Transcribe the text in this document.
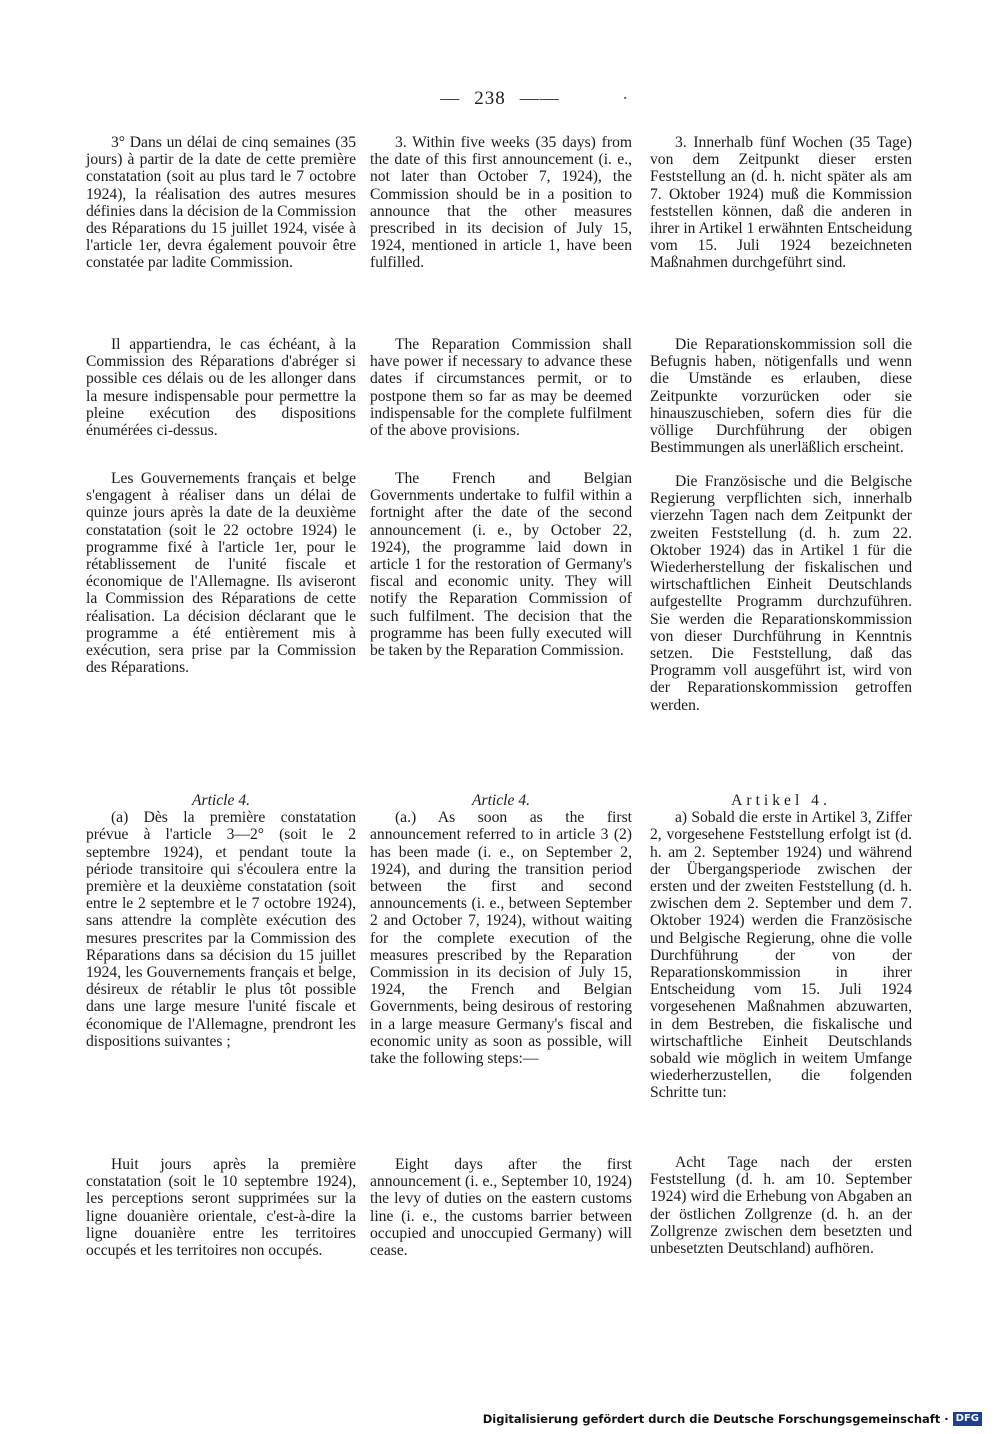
— 238 ——	·

3° Dans un délai de cinq semaines (35 jours) à partir de la date de cette première constatation (soit au plus tard le 7 octobre 1924), la réalisation des autres mesures définies dans la décision de la Commission des Réparations du 15 juillet 1924, visée à l'article 1er, devra également pouvoir être constatée par ladite Commission.

Il appartiendra, le cas échéant, à la Commission des Réparations d'abréger si possible ces délais ou de les allonger dans la mesure indispensable pour permettre la pleine exécution des dispositions énumérées ci-dessus.

Les Gouvernements français et belge s'engagent à réaliser dans un délai de quinze jours après la date de la deuxième constatation (soit le 22 octobre 1924) le programme fixé à l'article 1er, pour le rétablissement de l'unité fiscale et économique de l'Allemagne. Ils aviseront la Commission des Réparations de cette réalisation. La décision déclarant que le programme a été entièrement mis à exécution, sera prise par la Commission des Réparations.

3. Within five weeks (35 days) from the date of this first announcement (i. e., not later than October 7, 1924), the Commission should be in a position to announce that the other measures prescribed in its decision of July 15, 1924, mentioned in article 1, have been fulfilled.

The Reparation Commission shall have power if necessary to advance these dates if circumstances permit, or to postpone them so far as may be deemed indispensable for the complete fulfilment of the above provisions.

The French and Belgian Governments undertake to fulfil within a fortnight after the date of the second announcement (i. e., by October 22, 1924), the programme laid down in article 1 for the restoration of Germany's fiscal and economic unity. They will notify the Reparation Commission of such fulfilment. The decision that the programme has been fully executed will be taken by the Reparation Commission.

3. Innerhalb fünf Wochen (35 Tage) von dem Zeitpunkt dieser ersten Feststellung an (d. h. nicht später als am 7. Oktober 1924) muß die Kommission feststellen können, daß die anderen in ihrer in Artikel 1 erwähnten Entscheidung vom 15. Juli 1924 bezeichneten Maßnahmen durchgeführt sind.

Die Reparationskommission soll die Befugnis haben, nötigenfalls und wenn die Umstände es erlauben, diese Zeitpunkte vorzurücken oder sie hinauszuschieben, sofern dies für die völlige Durchführung der obigen Bestimmungen als unerläßlich erscheint.

Die Französische und die Belgische Regierung verpflichten sich, innerhalb vierzehn Tagen nach dem Zeitpunkt der zweiten Feststellung (d. h. zum 22. Oktober 1924) das in Artikel 1 für die Wiederherstellung der fiskalischen und wirtschaftlichen Einheit Deutschlands aufgestellte Programm durchzuführen. Sie werden die Reparationskommission von dieser Durchführung in Kenntnis setzen. Die Feststellung, daß das Programm voll ausgeführt ist, wird von der Reparationskommission getroffen werden.

Article 4.

(a) Dès la première constatation prévue à l'article 3—2° (soit le 2 septembre 1924), et pendant toute la période transitoire qui s'écoulera entre la première et la deuxième constatation (soit entre le 2 septembre et le 7 octobre 1924), sans attendre la complète exécution des mesures prescrites par la Commission des Réparations dans sa décision du 15 juillet 1924, les Gouvernements français et belge, désireux de rétablir le plus tôt possible dans une large mesure l'unité fiscale et économique de l'Allemagne, prendront les dispositions suivantes ;

Article 4.

(a.) As soon as the first announcement referred to in article 3 (2) has been made (i. e., on September 2, 1924), and during the transition period between the first and second announcements (i. e., between September 2 and October 7, 1924), without waiting for the complete execution of the measures prescribed by the Reparation Commission in its decision of July 15, 1924, the French and Belgian Governments, being desirous of restoring in a large measure Germany's fiscal and economic unity as soon as possible, will take the following steps:—

Artikel 4.

a) Sobald die erste in Artikel 3, Ziffer 2, vorgesehene Feststellung erfolgt ist (d. h. am 2. September 1924) und während der Übergangsperiode zwischen der ersten und der zweiten Feststellung (d. h. zwischen dem 2. September und dem 7. Oktober 1924) werden die Französische und Belgische Regierung, ohne die volle Durchführung der von der Reparationskommission in ihrer Entscheidung vom 15. Juli 1924 vorgesehenen Maßnahmen abzuwarten, in dem Bestreben, die fiskalische und wirtschaftliche Einheit Deutschlands sobald wie möglich in weitem Umfange wiederherzustellen, die folgenden Schritte tun:

Huit jours après la première constatation (soit le 10 septembre 1924), les perceptions seront supprimées sur la ligne douanière orientale, c'est-à-dire la ligne douanière entre les territoires occupés et les territoires non occupés.

Eight days after the first announcement (i. e., September 10, 1924) the levy of duties on the eastern customs line (i. e., the customs barrier between occupied and unoccupied Germany) will cease.

Acht Tage nach der ersten Feststellung (d. h. am 10. September 1924) wird die Erhebung von Abgaben an der östlichen Zollgrenze (d. h. an der Zollgrenze zwischen dem besetzten und unbesetzten Deutschland) aufhören.

Digitalisierung gefördert durch die Deutsche Forschungsgemeinschaft · DFG
